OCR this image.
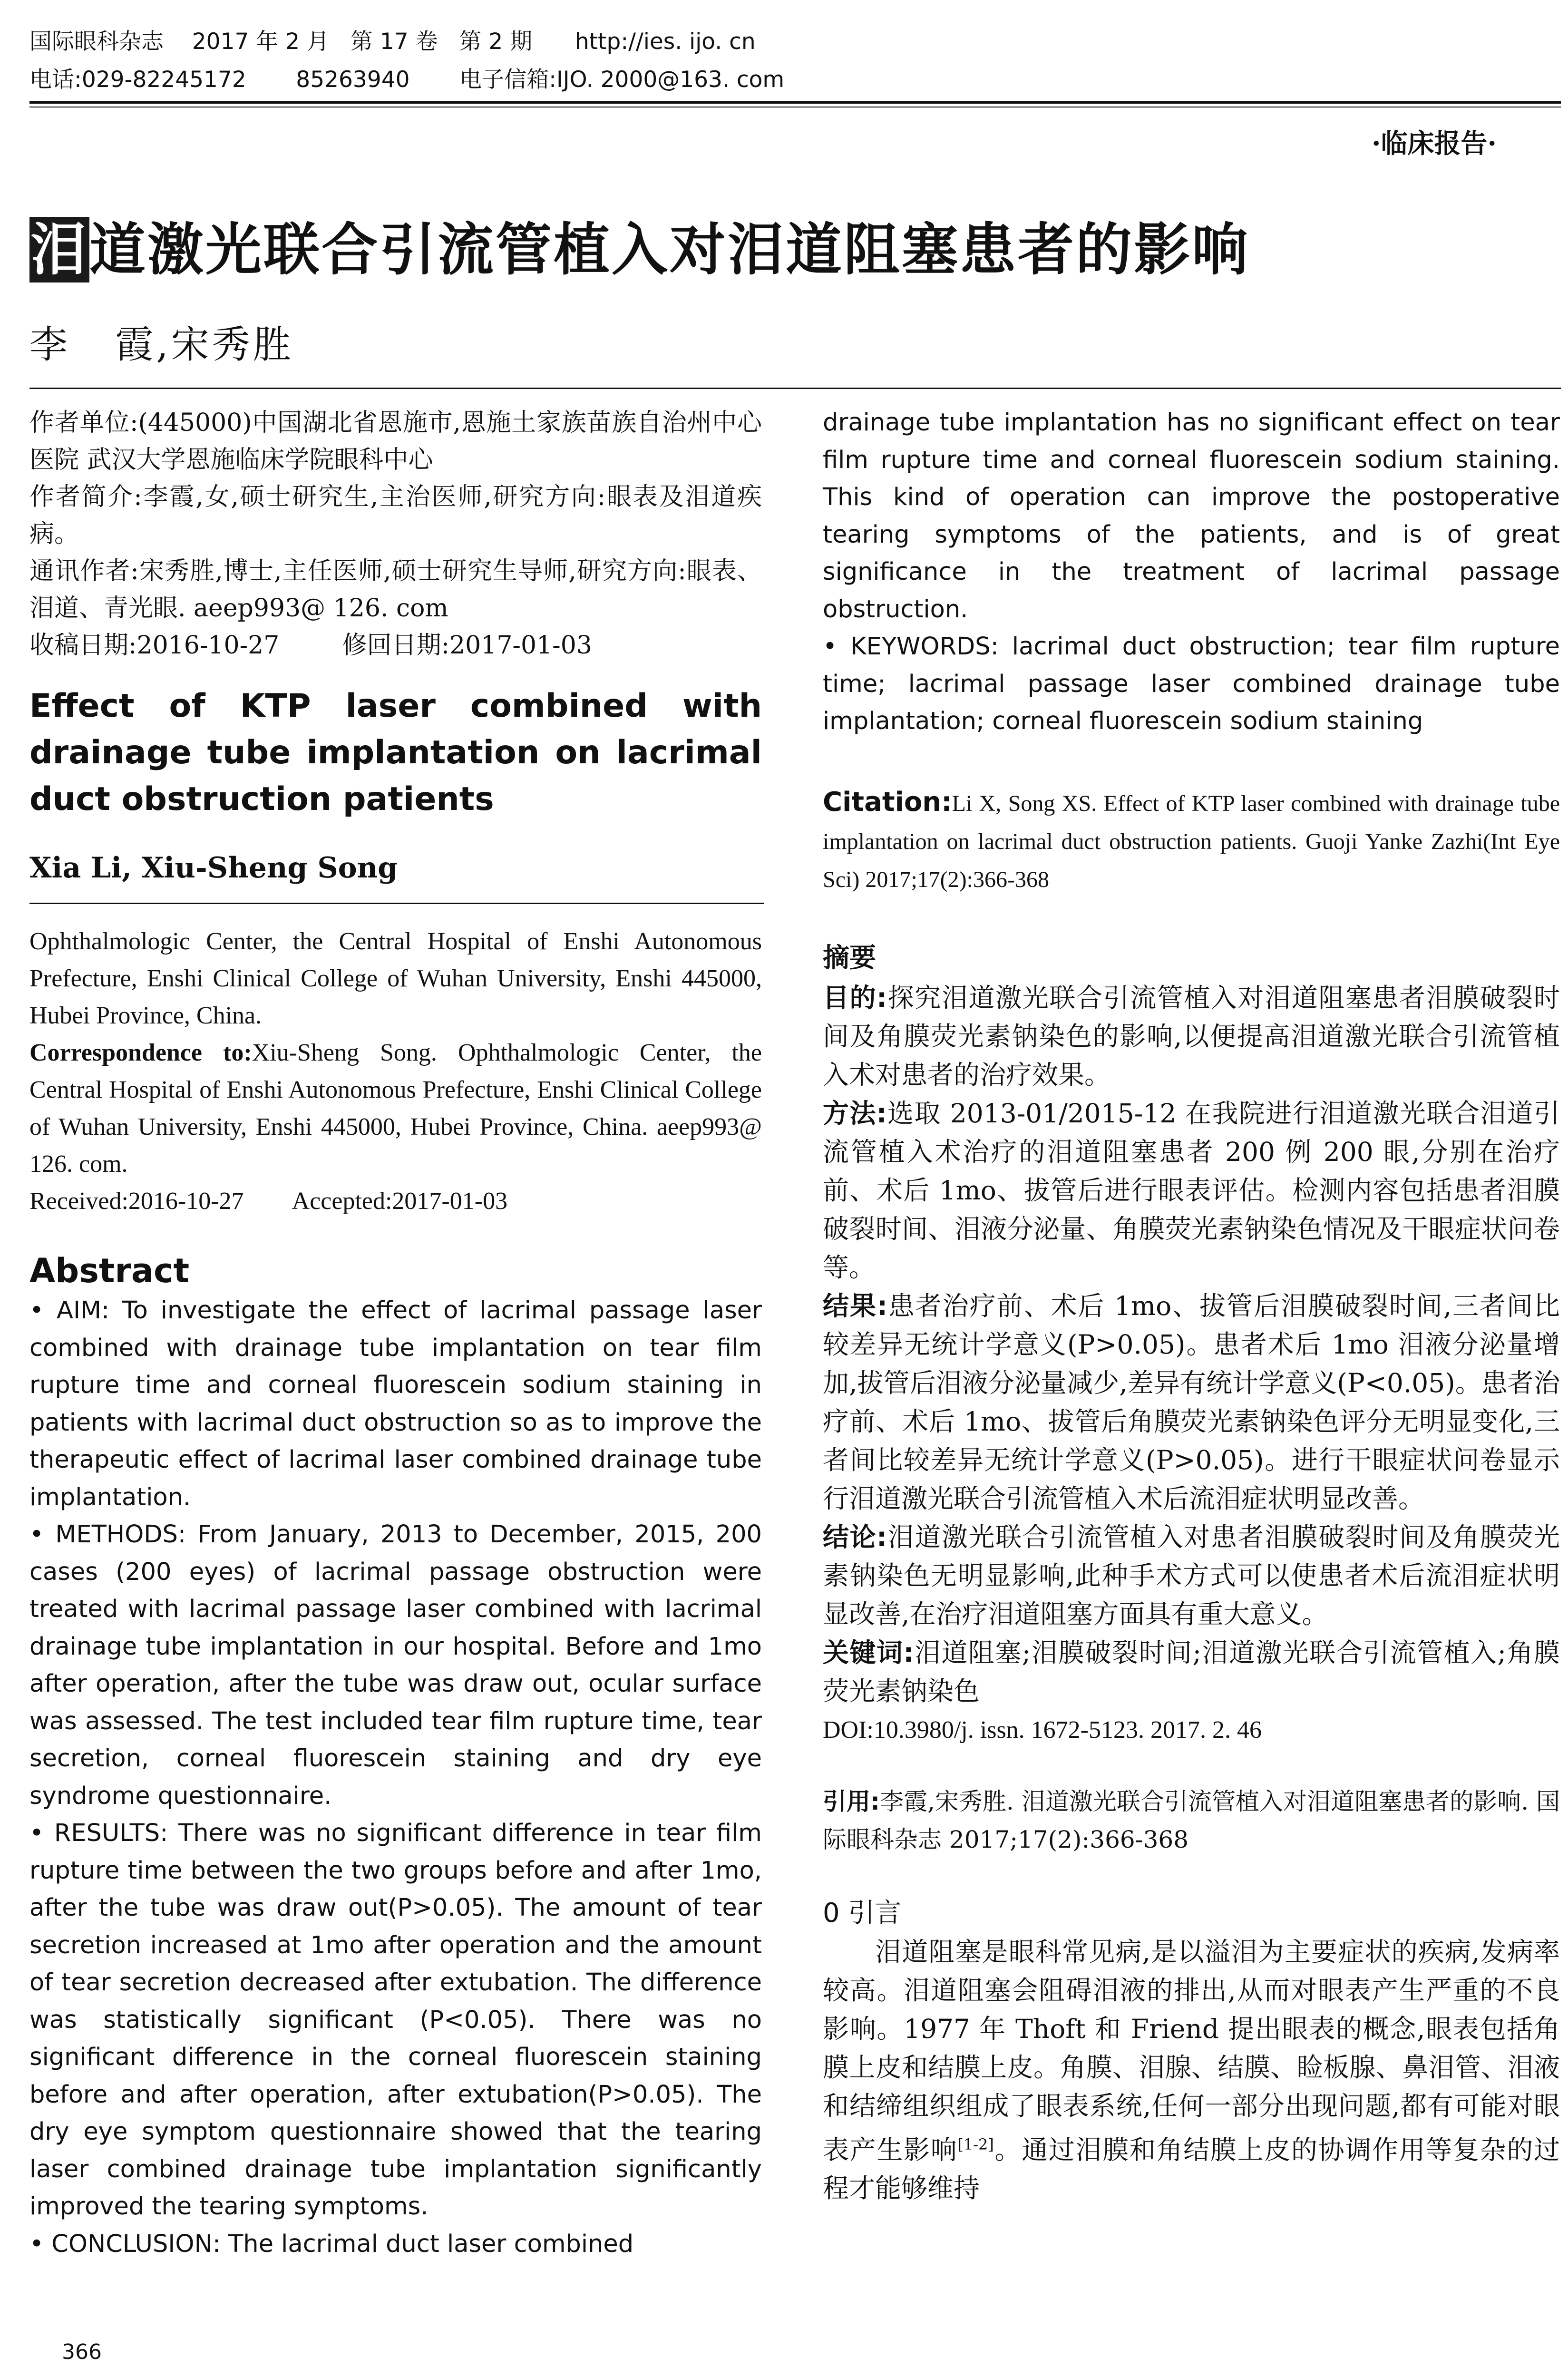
国际眼科杂志    2017 年 2 月   第 17 卷   第 2 期      http://ies. ijo. cn
电话:029-82245172       85263940       电子信箱:IJO. 2000@163. com
·临床报告·
泪道激光联合引流管植入对泪道阻塞患者的影响
李   霞,宋秀胜

作者单位:(445000)中国湖北省恩施市,恩施土家族苗族自治州中心医院 武汉大学恩施临床学院眼科中心

作者简介:李霞,女,硕士研究生,主治医师,研究方向:眼表及泪道疾病。

通讯作者:宋秀胜,博士,主任医师,硕士研究生导师,研究方向:眼表、泪道、青光眼. aeep993@ 126. com

收稿日期:2016-10-27        修回日期:2017-01-03

Effect of KTP laser combined with drainage tube implantation on lacrimal duct obstruction patients

Xia Li, Xiu-Sheng Song

Ophthalmologic Center, the Central Hospital of Enshi Autonomous Prefecture, Enshi Clinical College of Wuhan University, Enshi 445000, Hubei Province, China.

Correspondence to:Xiu-Sheng Song. Ophthalmologic Center, the Central Hospital of Enshi Autonomous Prefecture, Enshi Clinical College of Wuhan University, Enshi 445000, Hubei Province, China. aeep993@ 126. com.

Received:2016-10-27        Accepted:2017-01-03

Abstract

• AIM: To investigate the effect of lacrimal passage laser combined with drainage tube implantation on tear film rupture time and corneal fluorescein sodium staining in patients with lacrimal duct obstruction so as to improve the therapeutic effect of lacrimal laser combined drainage tube implantation.

• METHODS: From January, 2013 to December, 2015, 200 cases (200 eyes) of lacrimal passage obstruction were treated with lacrimal passage laser combined with lacrimal drainage tube implantation in our hospital. Before and 1mo after operation, after the tube was draw out, ocular surface was assessed. The test included tear film rupture time, tear secretion, corneal fluorescein staining and dry eye syndrome questionnaire.

• RESULTS: There was no significant difference in tear film rupture time between the two groups before and after 1mo, after the tube was draw out(P>0.05). The amount of tear secretion increased at 1mo after operation and the amount of tear secretion decreased after extubation. The difference was statistically significant (P<0.05). There was no significant difference in the corneal fluorescein staining before and after operation, after extubation(P>0.05). The dry eye symptom questionnaire showed that the tearing laser combined drainage tube implantation significantly improved the tearing symptoms.

• CONCLUSION: The lacrimal duct laser combined

drainage tube implantation has no significant effect on tear film rupture time and corneal fluorescein sodium staining. This kind of operation can improve the postoperative tearing symptoms of the patients, and is of great significance in the treatment of lacrimal passage obstruction.

• KEYWORDS: lacrimal duct obstruction; tear film rupture time; lacrimal passage laser combined drainage tube implantation; corneal fluorescein sodium staining

Citation:Li X, Song XS. Effect of KTP laser combined with drainage tube implantation on lacrimal duct obstruction patients. Guoji Yanke Zazhi(Int Eye Sci) 2017;17(2):366-368

摘要

目的:探究泪道激光联合引流管植入对泪道阻塞患者泪膜破裂时间及角膜荧光素钠染色的影响,以便提高泪道激光联合引流管植入术对患者的治疗效果。

方法:选取 2013-01/2015-12 在我院进行泪道激光联合泪道引流管植入术治疗的泪道阻塞患者 200 例 200 眼,分别在治疗前、术后 1mo、拔管后进行眼表评估。检测内容包括患者泪膜破裂时间、泪液分泌量、角膜荧光素钠染色情况及干眼症状问卷等。

结果:患者治疗前、术后 1mo、拔管后泪膜破裂时间,三者间比较差异无统计学意义(P>0.05)。患者术后 1mo 泪液分泌量增加,拔管后泪液分泌量减少,差异有统计学意义(P<0.05)。患者治疗前、术后 1mo、拔管后角膜荧光素钠染色评分无明显变化,三者间比较差异无统计学意义(P>0.05)。进行干眼症状问卷显示行泪道激光联合引流管植入术后流泪症状明显改善。

结论:泪道激光联合引流管植入对患者泪膜破裂时间及角膜荧光素钠染色无明显影响,此种手术方式可以使患者术后流泪症状明显改善,在治疗泪道阻塞方面具有重大意义。

关键词:泪道阻塞;泪膜破裂时间;泪道激光联合引流管植入;角膜荧光素钠染色

DOI:10.3980/j. issn. 1672-5123. 2017. 2. 46

引用:李霞,宋秀胜. 泪道激光联合引流管植入对泪道阻塞患者的影响. 国际眼科杂志 2017;17(2):366-368

0 引言

泪道阻塞是眼科常见病,是以溢泪为主要症状的疾病,发病率较高。泪道阻塞会阻碍泪液的排出,从而对眼表产生严重的不良影响。1977 年 Thoft 和 Friend 提出眼表的概念,眼表包括角膜上皮和结膜上皮。角膜、泪腺、结膜、睑板腺、鼻泪管、泪液和结缔组织组成了眼表系统,任何一部分出现问题,都有可能对眼表产生影响[1-2]。通过泪膜和角结膜上皮的协调作用等复杂的过程才能够维持

366
